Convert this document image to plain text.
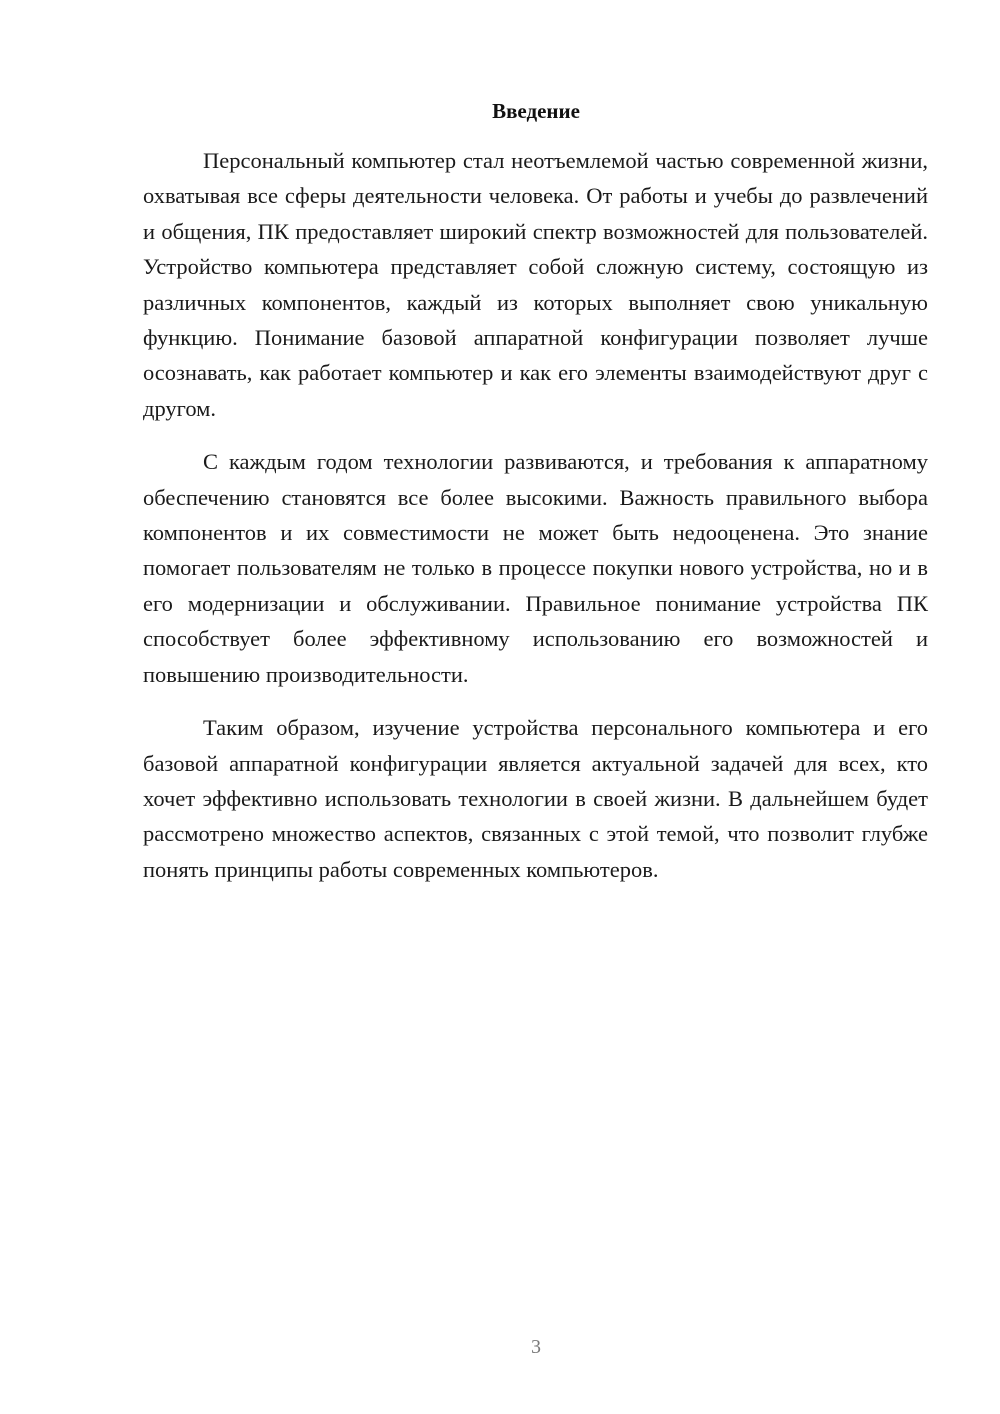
Введение

Персональный компьютер стал неотъемлемой частью современной жизни, охватывая все сферы деятельности человека. От работы и учебы до развлечений и общения, ПК предоставляет широкий спектр возможностей для пользователей. Устройство компьютера представляет собой сложную систему, состоящую из различных компонентов, каждый из которых выполняет свою уникальную функцию. Понимание базовой аппаратной конфигурации позволяет лучше осознавать, как работает компьютер и как его элементы взаимодействуют друг с другом.

С каждым годом технологии развиваются, и требования к аппаратному обеспечению становятся все более высокими. Важность правильного выбора компонентов и их совместимости не может быть недооценена. Это знание помогает пользователям не только в процессе покупки нового устройства, но и в его модернизации и обслуживании. Правильное понимание устройства ПК способствует более эффективному использованию его возможностей и повышению производительности.

Таким образом, изучение устройства персонального компьютера и его базовой аппаратной конфигурации является актуальной задачей для всех, кто хочет эффективно использовать технологии в своей жизни. В дальнейшем будет рассмотрено множество аспектов, связанных с этой темой, что позволит глубже понять принципы работы современных компьютеров.

3
